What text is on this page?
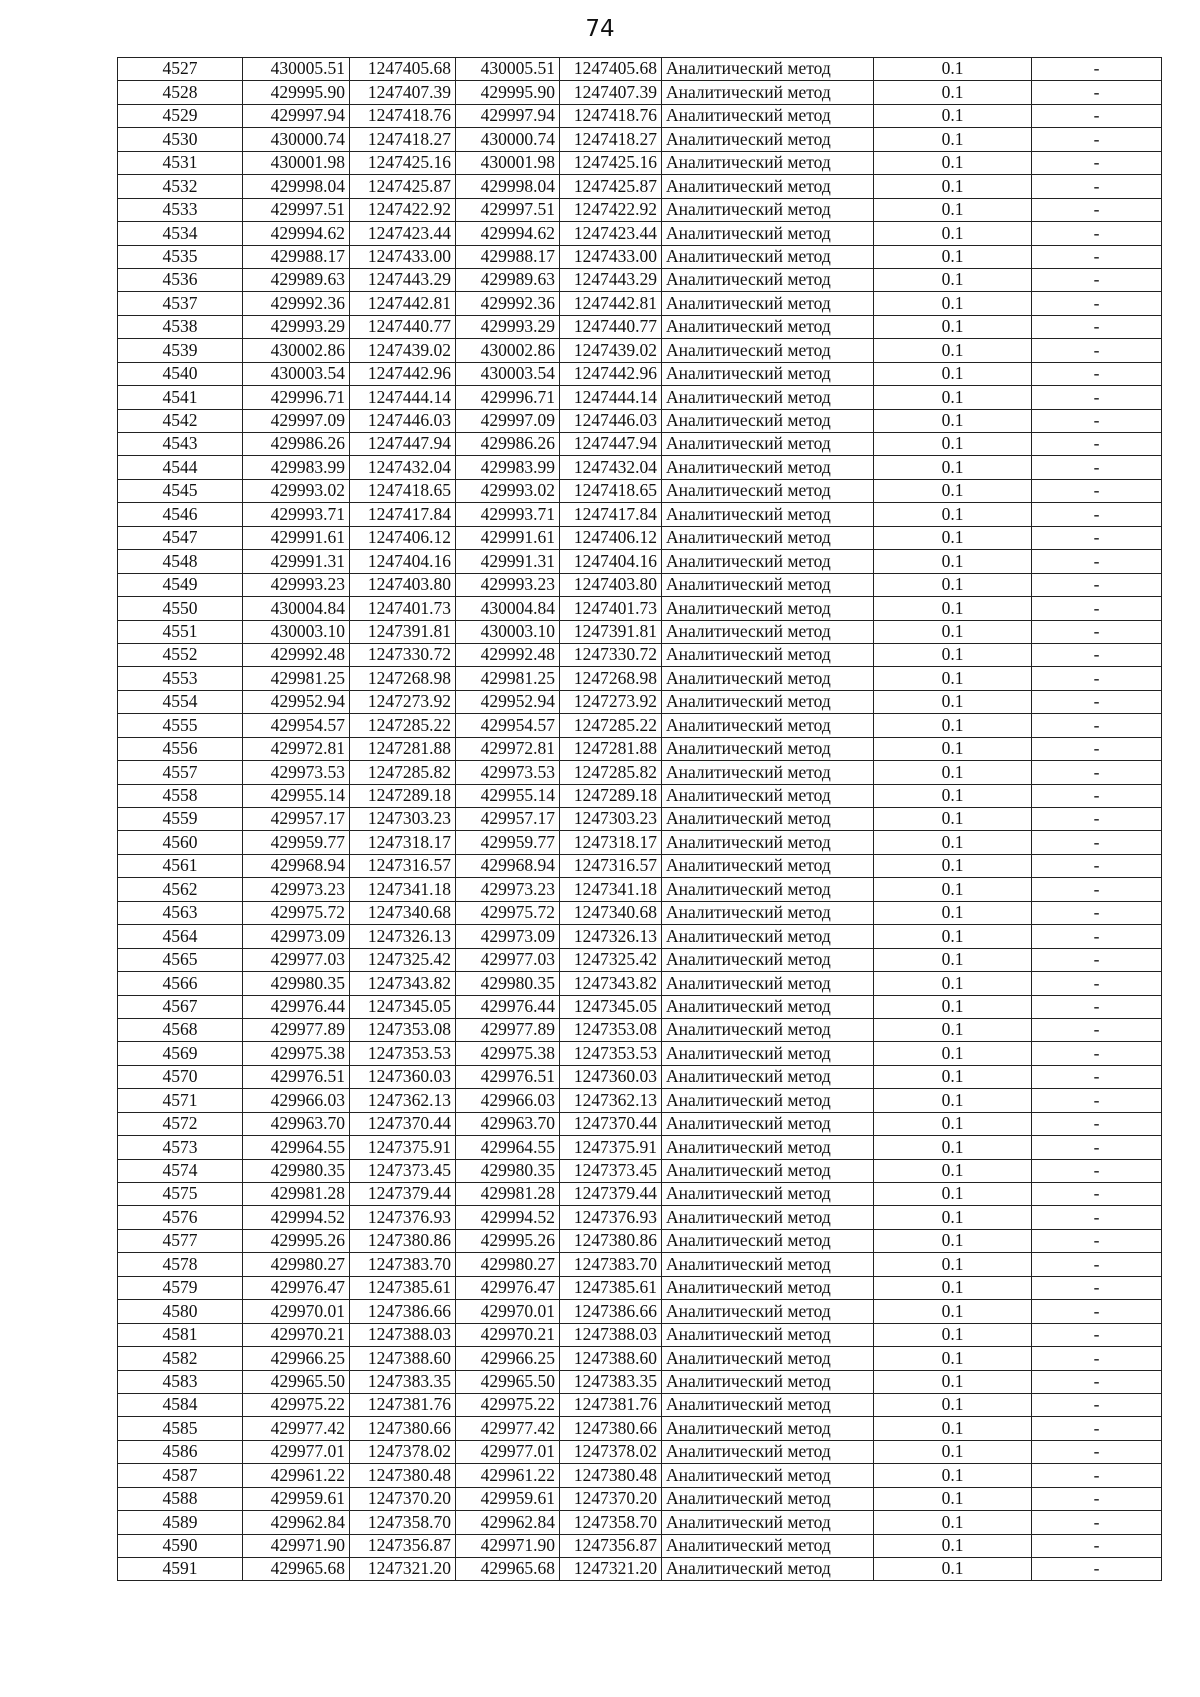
74
4527	430005.51	1247405.68	430005.51	1247405.68	Аналитический метод	0.1	-
4528	429995.90	1247407.39	429995.90	1247407.39	Аналитический метод	0.1	-
4529	429997.94	1247418.76	429997.94	1247418.76	Аналитический метод	0.1	-
4530	430000.74	1247418.27	430000.74	1247418.27	Аналитический метод	0.1	-
4531	430001.98	1247425.16	430001.98	1247425.16	Аналитический метод	0.1	-
4532	429998.04	1247425.87	429998.04	1247425.87	Аналитический метод	0.1	-
4533	429997.51	1247422.92	429997.51	1247422.92	Аналитический метод	0.1	-
4534	429994.62	1247423.44	429994.62	1247423.44	Аналитический метод	0.1	-
4535	429988.17	1247433.00	429988.17	1247433.00	Аналитический метод	0.1	-
4536	429989.63	1247443.29	429989.63	1247443.29	Аналитический метод	0.1	-
4537	429992.36	1247442.81	429992.36	1247442.81	Аналитический метод	0.1	-
4538	429993.29	1247440.77	429993.29	1247440.77	Аналитический метод	0.1	-
4539	430002.86	1247439.02	430002.86	1247439.02	Аналитический метод	0.1	-
4540	430003.54	1247442.96	430003.54	1247442.96	Аналитический метод	0.1	-
4541	429996.71	1247444.14	429996.71	1247444.14	Аналитический метод	0.1	-
4542	429997.09	1247446.03	429997.09	1247446.03	Аналитический метод	0.1	-
4543	429986.26	1247447.94	429986.26	1247447.94	Аналитический метод	0.1	-
4544	429983.99	1247432.04	429983.99	1247432.04	Аналитический метод	0.1	-
4545	429993.02	1247418.65	429993.02	1247418.65	Аналитический метод	0.1	-
4546	429993.71	1247417.84	429993.71	1247417.84	Аналитический метод	0.1	-
4547	429991.61	1247406.12	429991.61	1247406.12	Аналитический метод	0.1	-
4548	429991.31	1247404.16	429991.31	1247404.16	Аналитический метод	0.1	-
4549	429993.23	1247403.80	429993.23	1247403.80	Аналитический метод	0.1	-
4550	430004.84	1247401.73	430004.84	1247401.73	Аналитический метод	0.1	-
4551	430003.10	1247391.81	430003.10	1247391.81	Аналитический метод	0.1	-
4552	429992.48	1247330.72	429992.48	1247330.72	Аналитический метод	0.1	-
4553	429981.25	1247268.98	429981.25	1247268.98	Аналитический метод	0.1	-
4554	429952.94	1247273.92	429952.94	1247273.92	Аналитический метод	0.1	-
4555	429954.57	1247285.22	429954.57	1247285.22	Аналитический метод	0.1	-
4556	429972.81	1247281.88	429972.81	1247281.88	Аналитический метод	0.1	-
4557	429973.53	1247285.82	429973.53	1247285.82	Аналитический метод	0.1	-
4558	429955.14	1247289.18	429955.14	1247289.18	Аналитический метод	0.1	-
4559	429957.17	1247303.23	429957.17	1247303.23	Аналитический метод	0.1	-
4560	429959.77	1247318.17	429959.77	1247318.17	Аналитический метод	0.1	-
4561	429968.94	1247316.57	429968.94	1247316.57	Аналитический метод	0.1	-
4562	429973.23	1247341.18	429973.23	1247341.18	Аналитический метод	0.1	-
4563	429975.72	1247340.68	429975.72	1247340.68	Аналитический метод	0.1	-
4564	429973.09	1247326.13	429973.09	1247326.13	Аналитический метод	0.1	-
4565	429977.03	1247325.42	429977.03	1247325.42	Аналитический метод	0.1	-
4566	429980.35	1247343.82	429980.35	1247343.82	Аналитический метод	0.1	-
4567	429976.44	1247345.05	429976.44	1247345.05	Аналитический метод	0.1	-
4568	429977.89	1247353.08	429977.89	1247353.08	Аналитический метод	0.1	-
4569	429975.38	1247353.53	429975.38	1247353.53	Аналитический метод	0.1	-
4570	429976.51	1247360.03	429976.51	1247360.03	Аналитический метод	0.1	-
4571	429966.03	1247362.13	429966.03	1247362.13	Аналитический метод	0.1	-
4572	429963.70	1247370.44	429963.70	1247370.44	Аналитический метод	0.1	-
4573	429964.55	1247375.91	429964.55	1247375.91	Аналитический метод	0.1	-
4574	429980.35	1247373.45	429980.35	1247373.45	Аналитический метод	0.1	-
4575	429981.28	1247379.44	429981.28	1247379.44	Аналитический метод	0.1	-
4576	429994.52	1247376.93	429994.52	1247376.93	Аналитический метод	0.1	-
4577	429995.26	1247380.86	429995.26	1247380.86	Аналитический метод	0.1	-
4578	429980.27	1247383.70	429980.27	1247383.70	Аналитический метод	0.1	-
4579	429976.47	1247385.61	429976.47	1247385.61	Аналитический метод	0.1	-
4580	429970.01	1247386.66	429970.01	1247386.66	Аналитический метод	0.1	-
4581	429970.21	1247388.03	429970.21	1247388.03	Аналитический метод	0.1	-
4582	429966.25	1247388.60	429966.25	1247388.60	Аналитический метод	0.1	-
4583	429965.50	1247383.35	429965.50	1247383.35	Аналитический метод	0.1	-
4584	429975.22	1247381.76	429975.22	1247381.76	Аналитический метод	0.1	-
4585	429977.42	1247380.66	429977.42	1247380.66	Аналитический метод	0.1	-
4586	429977.01	1247378.02	429977.01	1247378.02	Аналитический метод	0.1	-
4587	429961.22	1247380.48	429961.22	1247380.48	Аналитический метод	0.1	-
4588	429959.61	1247370.20	429959.61	1247370.20	Аналитический метод	0.1	-
4589	429962.84	1247358.70	429962.84	1247358.70	Аналитический метод	0.1	-
4590	429971.90	1247356.87	429971.90	1247356.87	Аналитический метод	0.1	-
4591	429965.68	1247321.20	429965.68	1247321.20	Аналитический метод	0.1	-
